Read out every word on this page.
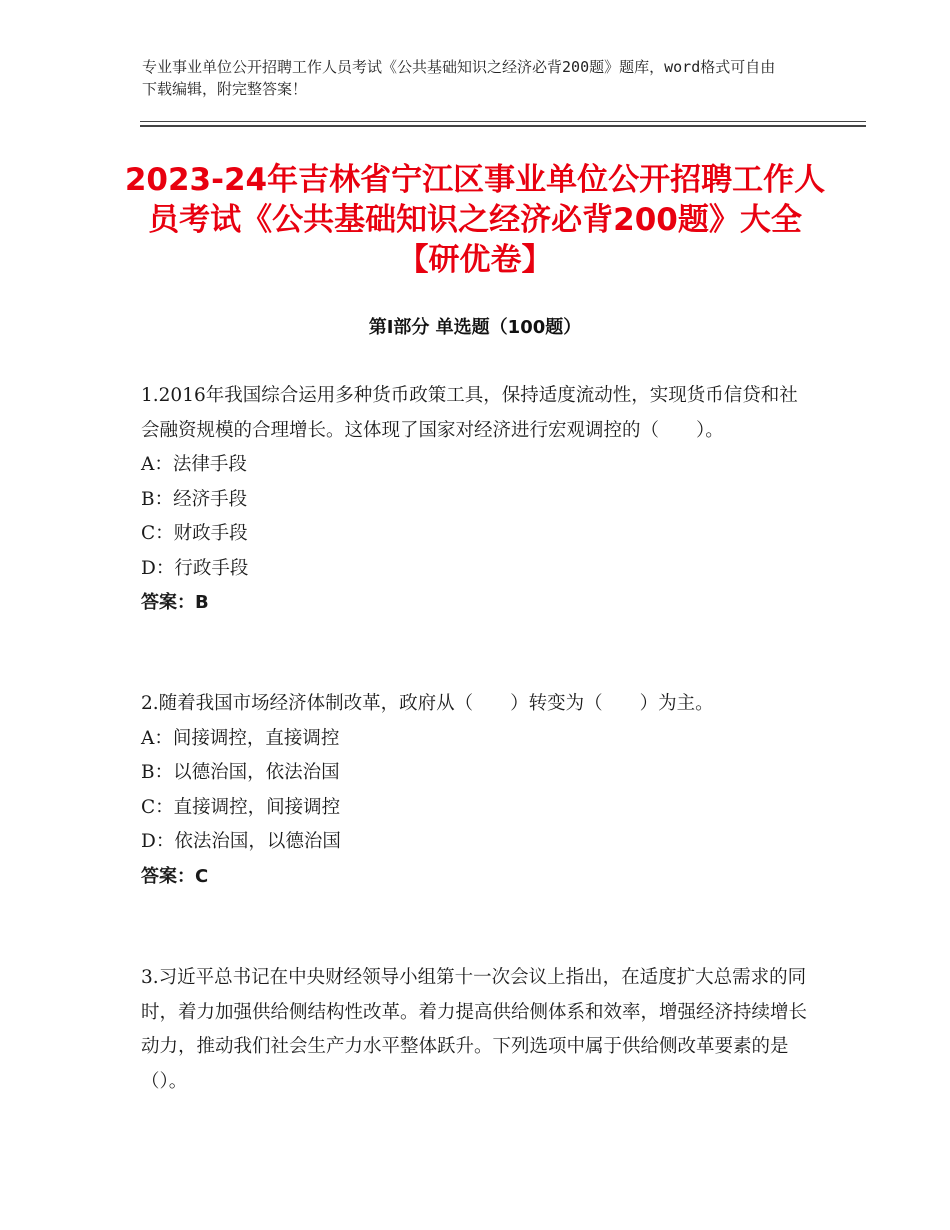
专业事业单位公开招聘工作人员考试《公共基础知识之经济必背200题》题库，word格式可自由下载编辑，附完整答案！
2023-24年吉林省宁江区事业单位公开招聘工作人员考试《公共基础知识之经济必背200题》大全【研优卷】
第Ⅰ部分 单选题（100题）

1.2016年我国综合运用多种货币政策工具，保持适度流动性，实现货币信贷和社会融资规模的合理增长。这体现了国家对经济进行宏观调控的（　　）。

A：法律手段

B：经济手段

C：财政手段

D：行政手段

答案：B

2.随着我国市场经济体制改革，政府从（　　）转变为（　　）为主。

A：间接调控，直接调控

B：以德治国，依法治国

C：直接调控，间接调控

D：依法治国，以德治国

答案：C

3.习近平总书记在中央财经领导小组第十一次会议上指出，在适度扩大总需求的同时，着力加强供给侧结构性改革。着力提高供给侧体系和效率，增强经济持续增长动力，推动我们社会生产力水平整体跃升。下列选项中属于供给侧改革要素的是（）。
